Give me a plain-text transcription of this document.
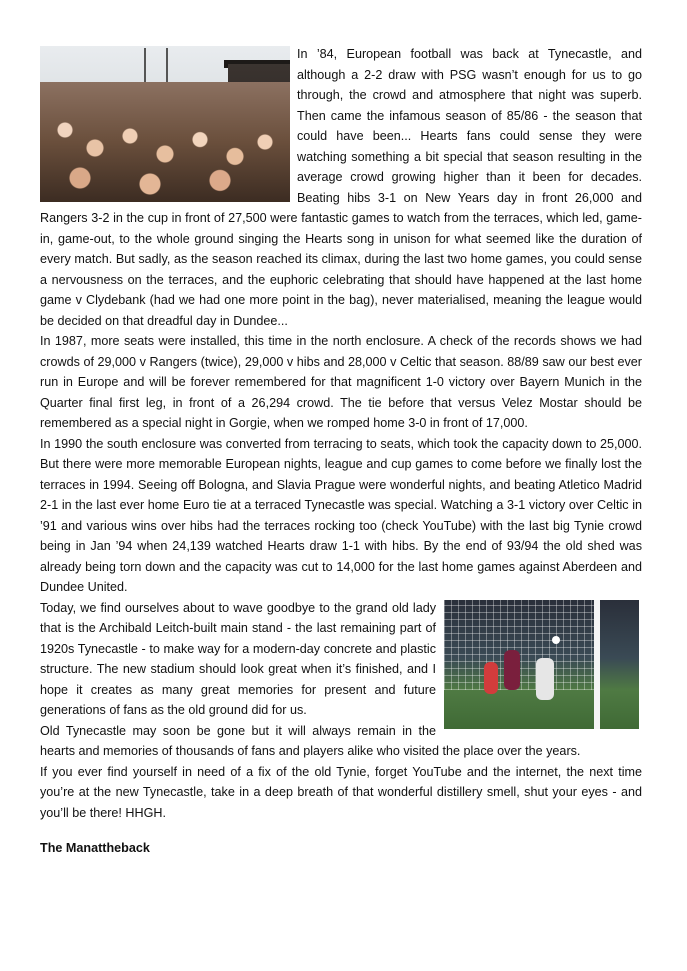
In ’84, European football was back at Tynecastle, and although a 2-2 draw with PSG wasn’t enough for us to go through, the crowd and atmosphere that night was superb. Then came the infamous season of 85/86 - the season that could have been... Hearts fans could sense they were watching something a bit special that season resulting in the average crowd growing higher than it been for decades. Beating hibs 3-1 on New Years day in front 26,000 and Rangers 3-2 in the cup in front of 27,500 were fantastic games to watch from the terraces, which led, game-in, game-out, to the whole ground singing the Hearts song in unison for what seemed like the duration of every match. But sadly, as the season reached its climax, during the last two home games, you could sense a nervousness on the terraces, and the euphoric celebrating that should have happened at the last home game v Clydebank (had we had one more point in the bag), never materialised, meaning the league would be decided on that dreadful day in Dundee...

In 1987, more seats were installed, this time in the north enclosure. A check of the records shows we had crowds of 29,000 v Rangers (twice), 29,000 v hibs and 28,000 v Celtic that season. 88/89 saw our best ever run in Europe and will be forever remembered for that magnificent 1-0 victory over Bayern Munich in the Quarter final first leg, in front of a 26,294 crowd. The tie before that versus Velez Mostar should be remembered as a special night in Gorgie, when we romped home 3-0 in front of 17,000.

In 1990 the south enclosure was converted from terracing to seats, which took the capacity down to 25,000. But there were more memorable European nights, league and cup games to come before we finally lost the terraces in 1994. Seeing off Bologna, and Slavia Prague were wonderful nights, and beating Atletico Madrid 2-1 in the last ever home Euro tie at a terraced Tynecastle was special. Watching a 3-1 victory over Celtic in ’91 and various wins over hibs had the terraces rocking too (check YouTube) with the last big Tynie crowd being in Jan ’94 when 24,139 watched Hearts draw 1-1 with hibs. By the end of 93/94 the old shed was already being torn down and the capacity was cut to 14,000 for the last home games against Aberdeen and Dundee United.

Today, we find ourselves about to wave goodbye to the grand old lady that is the Archibald Leitch-built main stand - the last remaining part of 1920s Tynecastle - to make way for a modern-day concrete and plastic structure. The new stadium should look great when it’s finished, and I hope it creates as many great memories for present and future generations of fans as the old ground did for us.

Old Tynecastle may soon be gone but it will always remain in the hearts and memories of thousands of fans and players alike who visited the place over the years.

If you ever find yourself in need of a fix of the old Tynie, forget YouTube and the internet, the next time you’re at the new Tynecastle, take in a deep breath of that wonderful distillery smell, shut your eyes - and you’ll be there! HHGH.

The Manattheback
